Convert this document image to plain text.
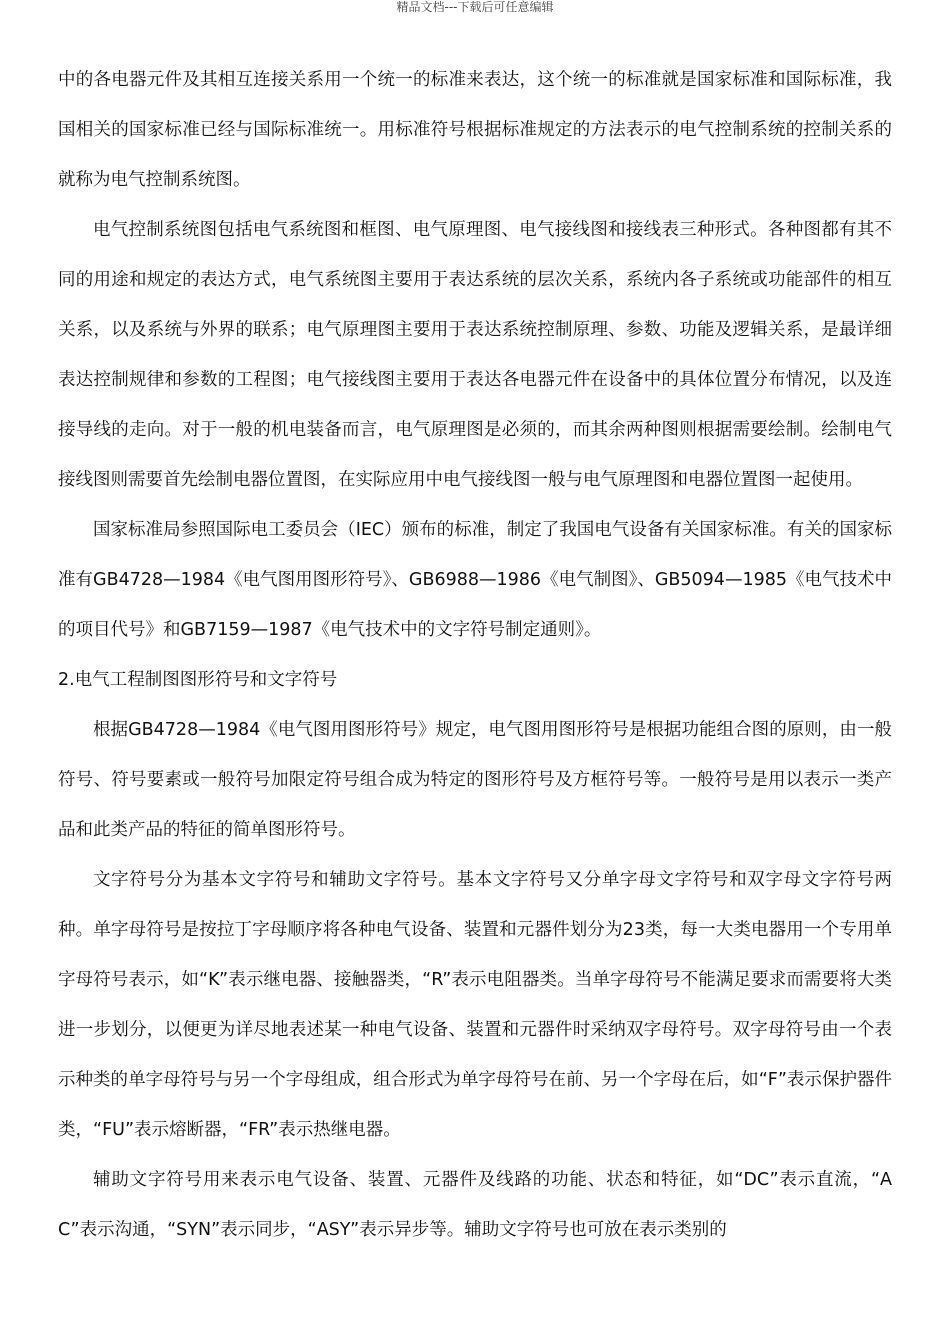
精品文档---下载后可任意编辑

中的各电器元件及其相互连接关系用一个统一的标准来表达，这个统一的标准就是国家标准和国际标准，我国相关的国家标准已经与国际标准统一。用标准符号根据标准规定的方法表示的电气控制系统的控制关系的就称为电气控制系统图。

电气控制系统图包括电气系统图和框图、电气原理图、电气接线图和接线表三种形式。各种图都有其不同的用途和规定的表达方式，电气系统图主要用于表达系统的层次关系，系统内各子系统或功能部件的相互关系，以及系统与外界的联系；电气原理图主要用于表达系统控制原理、参数、功能及逻辑关系，是最详细表达控制规律和参数的工程图；电气接线图主要用于表达各电器元件在设备中的具体位置分布情况，以及连接导线的走向。对于一般的机电装备而言，电气原理图是必须的，而其余两种图则根据需要绘制。绘制电气接线图则需要首先绘制电器位置图，在实际应用中电气接线图一般与电气原理图和电器位置图一起使用。

国家标准局参照国际电工委员会（IEC）颁布的标准，制定了我国电气设备有关国家标准。有关的国家标准有GB4728—1984《电气图用图形符号》、GB6988—1986《电气制图》、GB5094—1985《电气技术中的项目代号》和GB7159—1987《电气技术中的文字符号制定通则》。

2.电气工程制图图形符号和文字符号

根据GB4728—1984《电气图用图形符号》规定，电气图用图形符号是根据功能组合图的原则，由一般符号、符号要素或一般符号加限定符号组合成为特定的图形符号及方框符号等。一般符号是用以表示一类产品和此类产品的特征的简单图形符号。

文字符号分为基本文字符号和辅助文字符号。基本文字符号又分单字母文字符号和双字母文字符号两种。单字母符号是按拉丁字母顺序将各种电气设备、装置和元器件划分为23类，每一大类电器用一个专用单字母符号表示，如“K”表示继电器、接触器类，“R”表示电阻器类。当单字母符号不能满足要求而需要将大类进一步划分，以便更为详尽地表述某一种电气设备、装置和元器件时采纳双字母符号。双字母符号由一个表示种类的单字母符号与另一个字母组成，组合形式为单字母符号在前、另一个字母在后，如“F”表示保护器件类，“FU”表示熔断器，“FR”表示热继电器。

辅助文字符号用来表示电气设备、装置、元器件及线路的功能、状态和特征，如“DC”表示直流，“AC”表示沟通，“SYN”表示同步，“ASY”表示异步等。辅助文字符号也可放在表示类别的
